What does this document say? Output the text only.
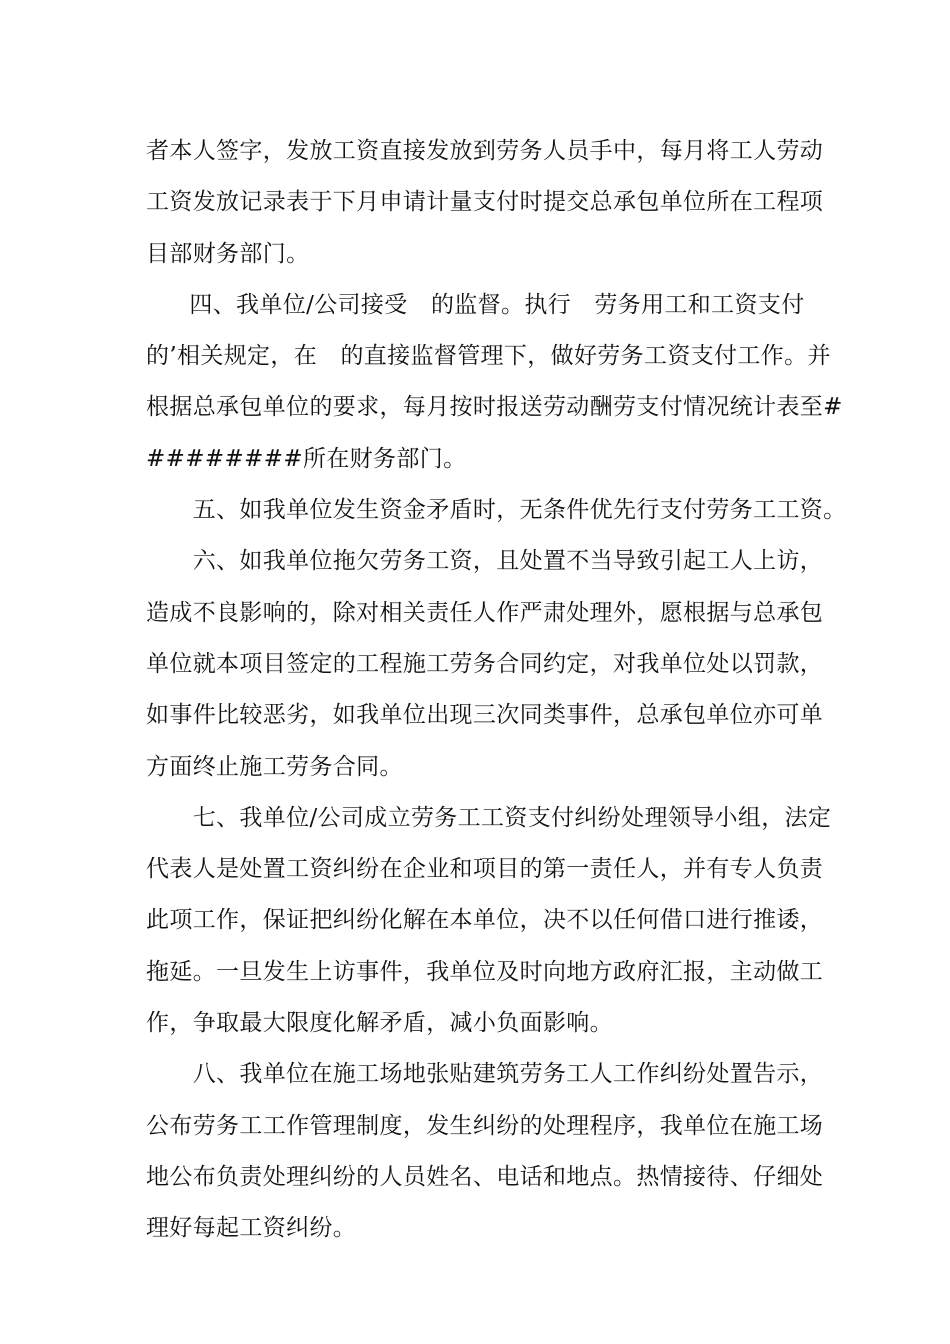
者本人签字，发放工资直接发放到劳务人员手中，每月将工人劳动
工资发放记录表于下月申请计量支付时提交总承包单位所在工程项
目部财务部门。
　四、我单位/公司接受　的监督。执行　劳务用工和工资支付
的’相关规定，在　的直接监督管理下，做好劳务工资支付工作。并
根据总承包单位的要求，每月按时报送劳动酬劳支付情况统计表至#
########所在财务部门。
　　五、如我单位发生资金矛盾时，无条件优先行支付劳务工工资。
　　六、如我单位拖欠劳务工资，且处置不当导致引起工人上访，
造成不良影响的，除对相关责任人作严肃处理外，愿根据与总承包
单位就本项目签定的工程施工劳务合同约定，对我单位处以罚款，
如事件比较恶劣，如我单位出现三次同类事件，总承包单位亦可单
方面终止施工劳务合同。
　　七、我单位/公司成立劳务工工资支付纠纷处理领导小组，法定
代表人是处置工资纠纷在企业和项目的第一责任人，并有专人负责
此项工作，保证把纠纷化解在本单位，决不以任何借口进行推诿，
拖延。一旦发生上访事件，我单位及时向地方政府汇报，主动做工
作，争取最大限度化解矛盾，减小负面影响。
　　八、我单位在施工场地张贴建筑劳务工人工作纠纷处置告示，
公布劳务工工作管理制度，发生纠纷的处理程序，我单位在施工场
地公布负责处理纠纷的人员姓名、电话和地点。热情接待、仔细处
理好每起工资纠纷。
